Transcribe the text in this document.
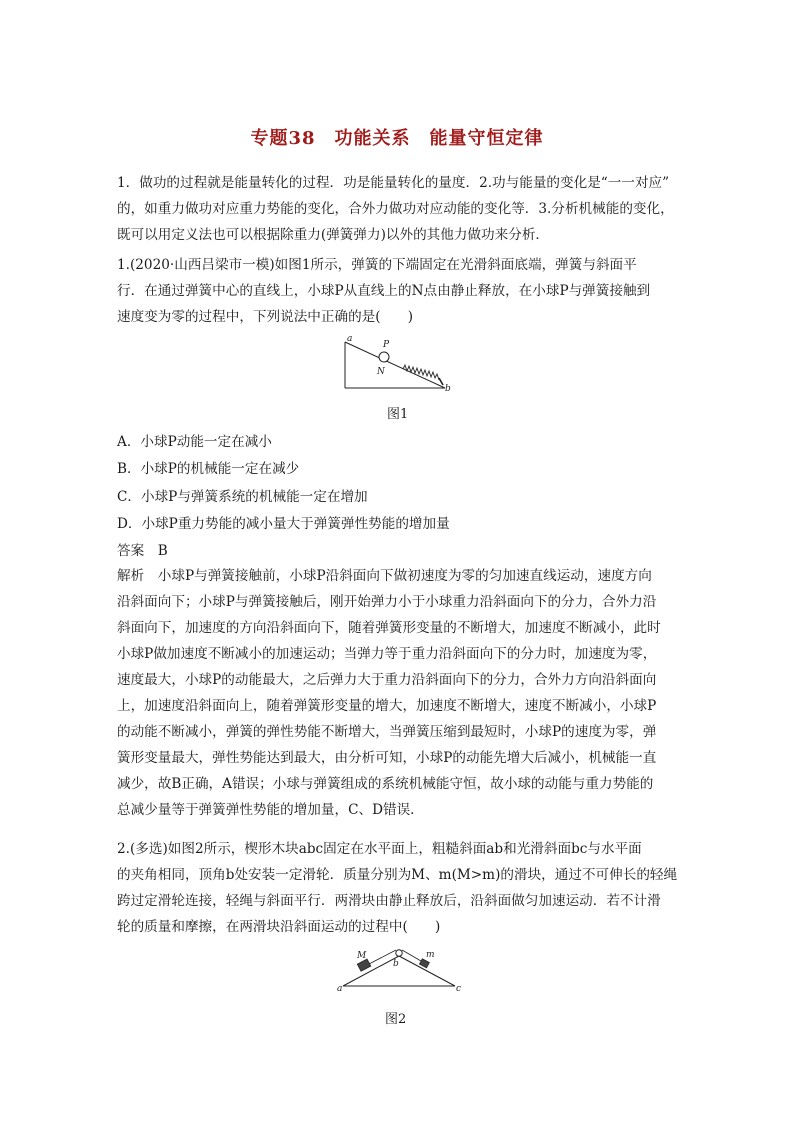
专题38　功能关系　能量守恒定律
1．做功的过程就是能量转化的过程．功是能量转化的量度．2.功与能量的变化是“一一对应”
的，如重力做功对应重力势能的变化，合外力做功对应动能的变化等．3.分析机械能的变化，
既可以用定义法也可以根据除重力(弹簧弹力)以外的其他力做功来分析．
1.(2020·山西吕梁市一模)如图1所示，弹簧的下端固定在光滑斜面底端，弹簧与斜面平
行．在通过弹簧中心的直线上，小球P从直线上的N点由静止释放，在小球P与弹簧接触到
速度变为零的过程中，下列说法中正确的是(　　)
a
P
N
b
图1
A．小球P动能一定在减小
B．小球P的机械能一定在减少
C．小球P与弹簧系统的机械能一定在增加
D．小球P重力势能的减小量大于弹簧弹性势能的增加量
答案　B
解析　小球P与弹簧接触前，小球P沿斜面向下做初速度为零的匀加速直线运动，速度方向
沿斜面向下；小球P与弹簧接触后，刚开始弹力小于小球重力沿斜面向下的分力，合外力沿
斜面向下，加速度的方向沿斜面向下，随着弹簧形变量的不断增大，加速度不断减小，此时
小球P做加速度不断减小的加速运动；当弹力等于重力沿斜面向下的分力时，加速度为零，
速度最大，小球P的动能最大，之后弹力大于重力沿斜面向下的分力，合外力方向沿斜面向
上，加速度沿斜面向上，随着弹簧形变量的增大，加速度不断增大，速度不断减小，小球P
的动能不断减小，弹簧的弹性势能不断增大，当弹簧压缩到最短时，小球P的速度为零，弹
簧形变量最大，弹性势能达到最大，由分析可知，小球P的动能先增大后减小，机械能一直
减少，故B正确，A错误；小球与弹簧组成的系统机械能守恒，故小球的动能与重力势能的
总减少量等于弹簧弹性势能的增加量，C、D错误．
2.(多选)如图2所示，楔形木块abc固定在水平面上，粗糙斜面ab和光滑斜面bc与水平面
的夹角相同，顶角b处安装一定滑轮．质量分别为M、m(M>m)的滑块，通过不可伸长的轻绳
跨过定滑轮连接，轻绳与斜面平行．两滑块由静止释放后，沿斜面做匀加速运动．若不计滑
轮的质量和摩擦，在两滑块沿斜面运动的过程中(　　)
M	m
b
a	c
图2
